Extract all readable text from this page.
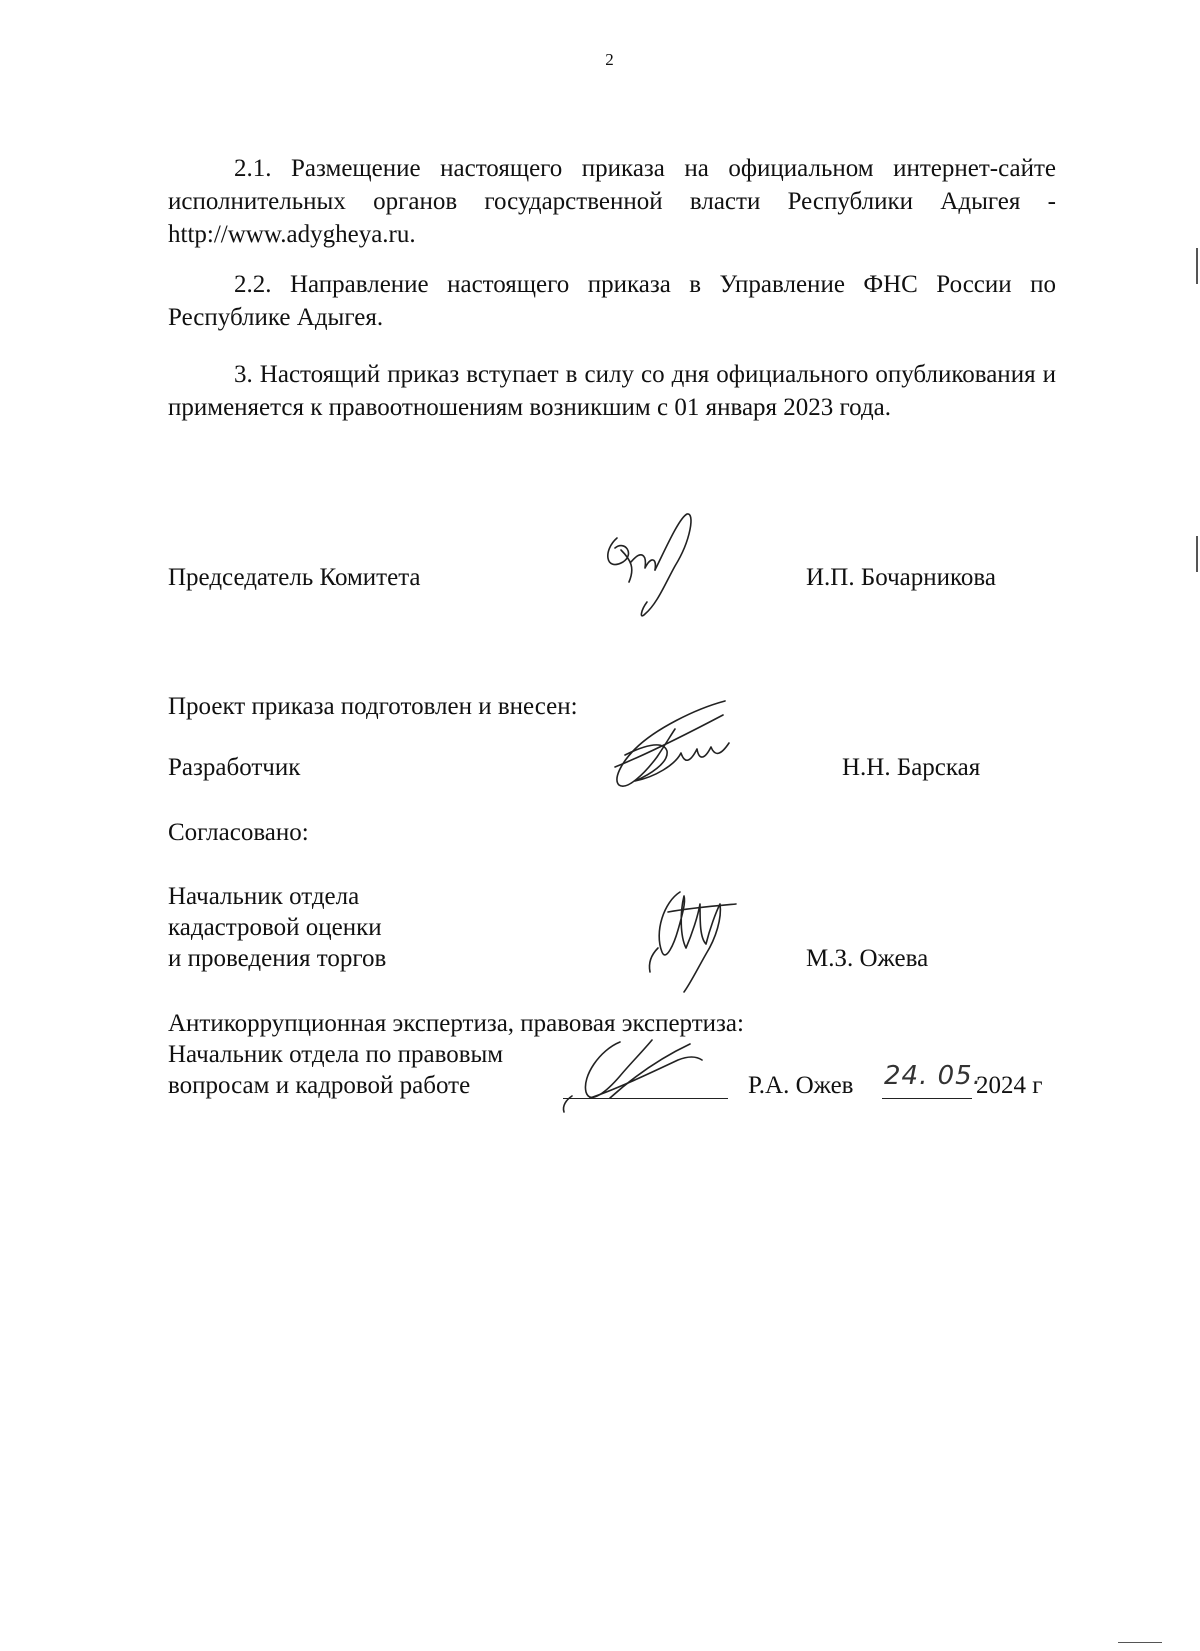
2

2.1. Размещение настоящего приказа на официальном интернет-сайте исполнительных органов государственной власти Республики Адыгея - http://www.adygheya.ru.

2.2. Направление настоящего приказа в Управление ФНС России по Республике Адыгея.

3. Настоящий приказ вступает в силу со дня официального опубликования и применяется к правоотношениям возникшим с 01 января 2023 года.

Председатель Комитета	И.П. Бочарникова
Проект приказа подготовлен и внесен:
Разработчик	Н.Н. Барская
Согласовано:
Начальник отдела
кадастровой оценки
и проведения торгов	М.З. Ожева
Антикоррупционная экспертиза, правовая экспертиза:
Начальник отдела по правовым
вопросам и кадровой работе	Р.А. Ожев 24. 05.
2024 г
